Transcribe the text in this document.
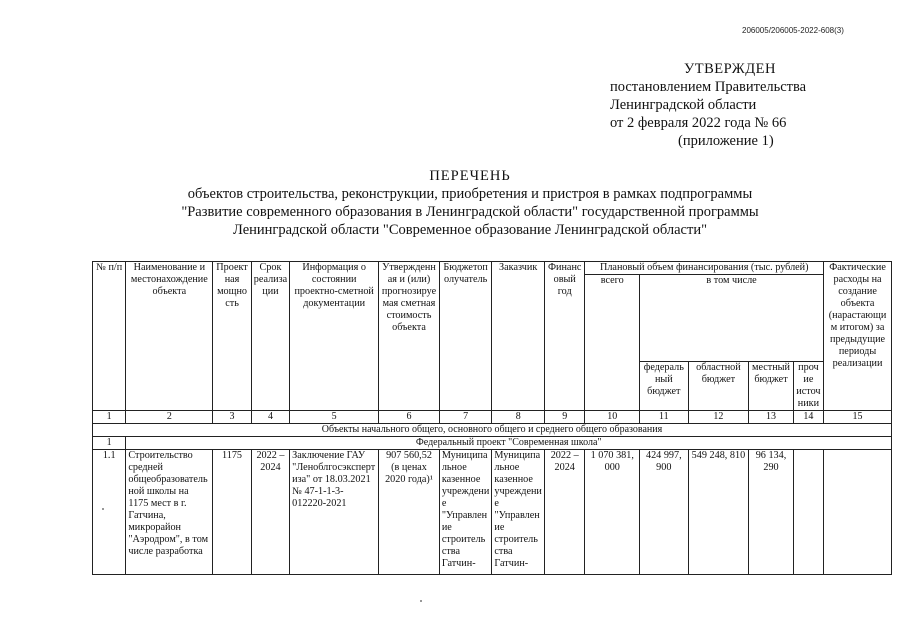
206005/206005-2022-608(3)
УТВЕРЖДЕН
постановлением Правительства
Ленинградской области
от 2 февраля 2022 года № 66
(приложение 1)
ПЕРЕЧЕНЬ
объектов строительства, реконструкции, приобретения и пристроя в рамках подпрограммы
"Развитие современного образования в Ленинградской области" государственной программы
Ленинградской области "Современное образование Ленинградской области"
№ п/п	Наименование и местонахождение объекта	Проектная мощность	Срок реализации	Информация о состоянии проектно-сметной документации	Утвержденная и (или) прогнозируемая сметная стоимость объекта	Бюджетополучатель	Заказчик	Финансовый год	Плановый объем финансирования (тыс. рублей)					Фактические расходы на создание объекта (нарастающим итогом) за предыдущие периоды реализации
									всего	в том числе				
										федеральный бюджет	областной бюджет	местный бюджет	прочие источники	
1	2	3	4	5	6	7	8	9	10	11	12	13	14	15
Объекты начального общего, основного общего и среднего общего образования														
1	Федеральный проект "Современная школа"													
1.1	Строительство средней общеобразовательной школы на 1175 мест в г. Гатчина, микрорайон "Аэродром", в том числе разработка	1175	2022 – 2024	Заключение ГАУ "Леноблгосэкспертиза" от 18.03.2021 № 47-1-1-3-012220-2021	907 560,52 (в ценах 2020 года)¹	Муниципальное казенное учреждение "Управление строительства Гатчин-	Муниципальное казенное учреждение "Управление строительства Гатчин-	2022 – 2024	1 070 381, 000	424 997, 900	549 248, 810	96 134, 290		
